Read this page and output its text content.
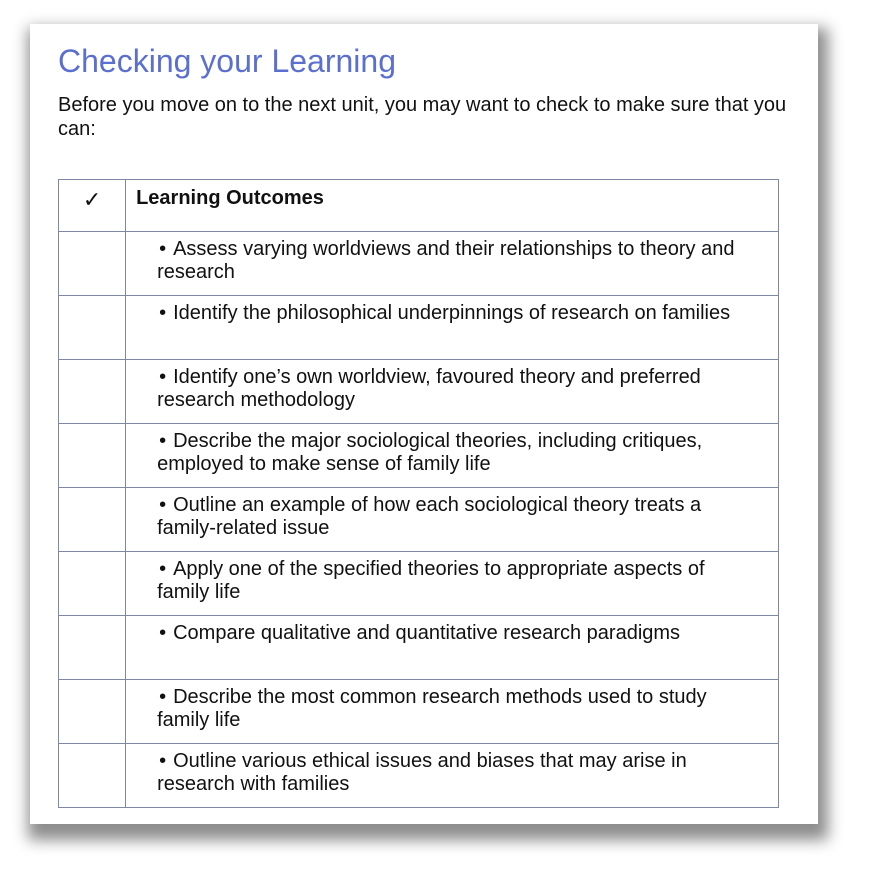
Checking your Learning

Before you move on to the next unit, you may want to check to make sure that you can:

✓	Learning Outcomes

	• Assess varying worldviews and their relationships to theory and research

	• Identify the philosophical underpinnings of research on families

	• Identify one’s own worldview, favoured theory and preferred research methodology

	• Describe the major sociological theories, including critiques, employed to make sense of family life

	• Outline an example of how each sociological theory treats a family-related issue

	• Apply one of the specified theories to appropriate aspects of family life

	• Compare qualitative and quantitative research paradigms

	• Describe the most common research methods used to study family life

	• Outline various ethical issues and biases that may arise in research with families
